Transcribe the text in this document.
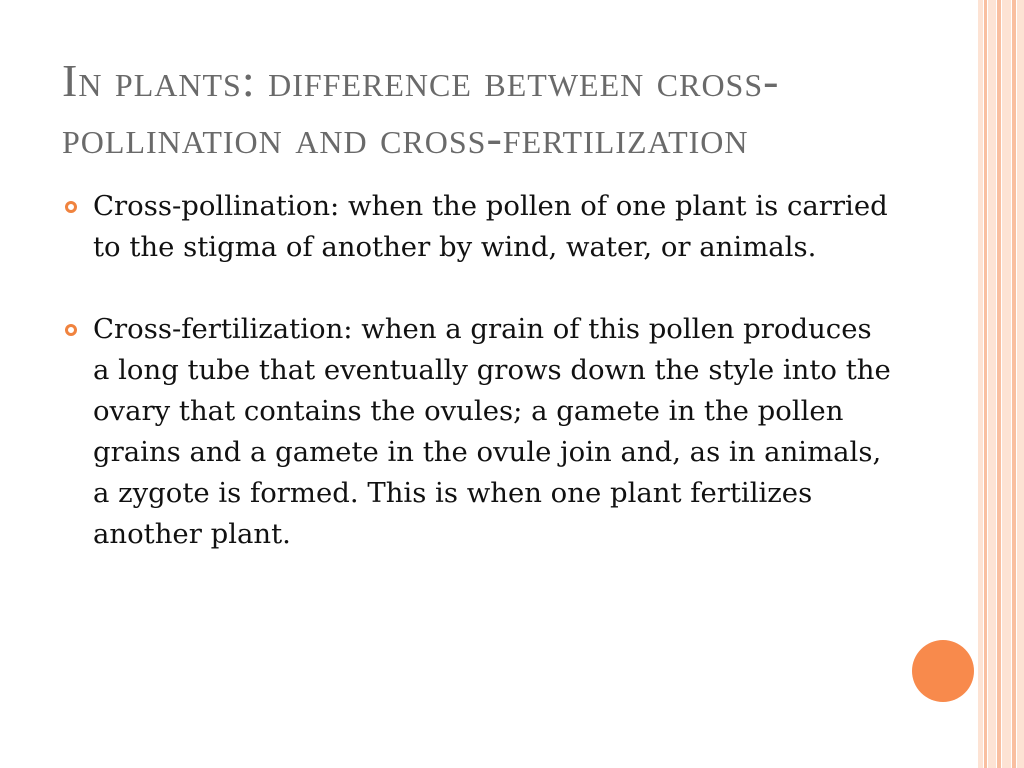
In plants: difference between cross-pollination and cross-fertilization
Cross-pollination: when the pollen of one plant is carried to the stigma of another by wind, water, or animals.
Cross-fertilization: when a grain of this pollen produces a long tube that eventually grows down the style into the ovary that contains the ovules; a gamete in the pollen grains and a gamete in the ovule join and, as in animals, a zygote is formed. This is when one plant fertilizes another plant.
